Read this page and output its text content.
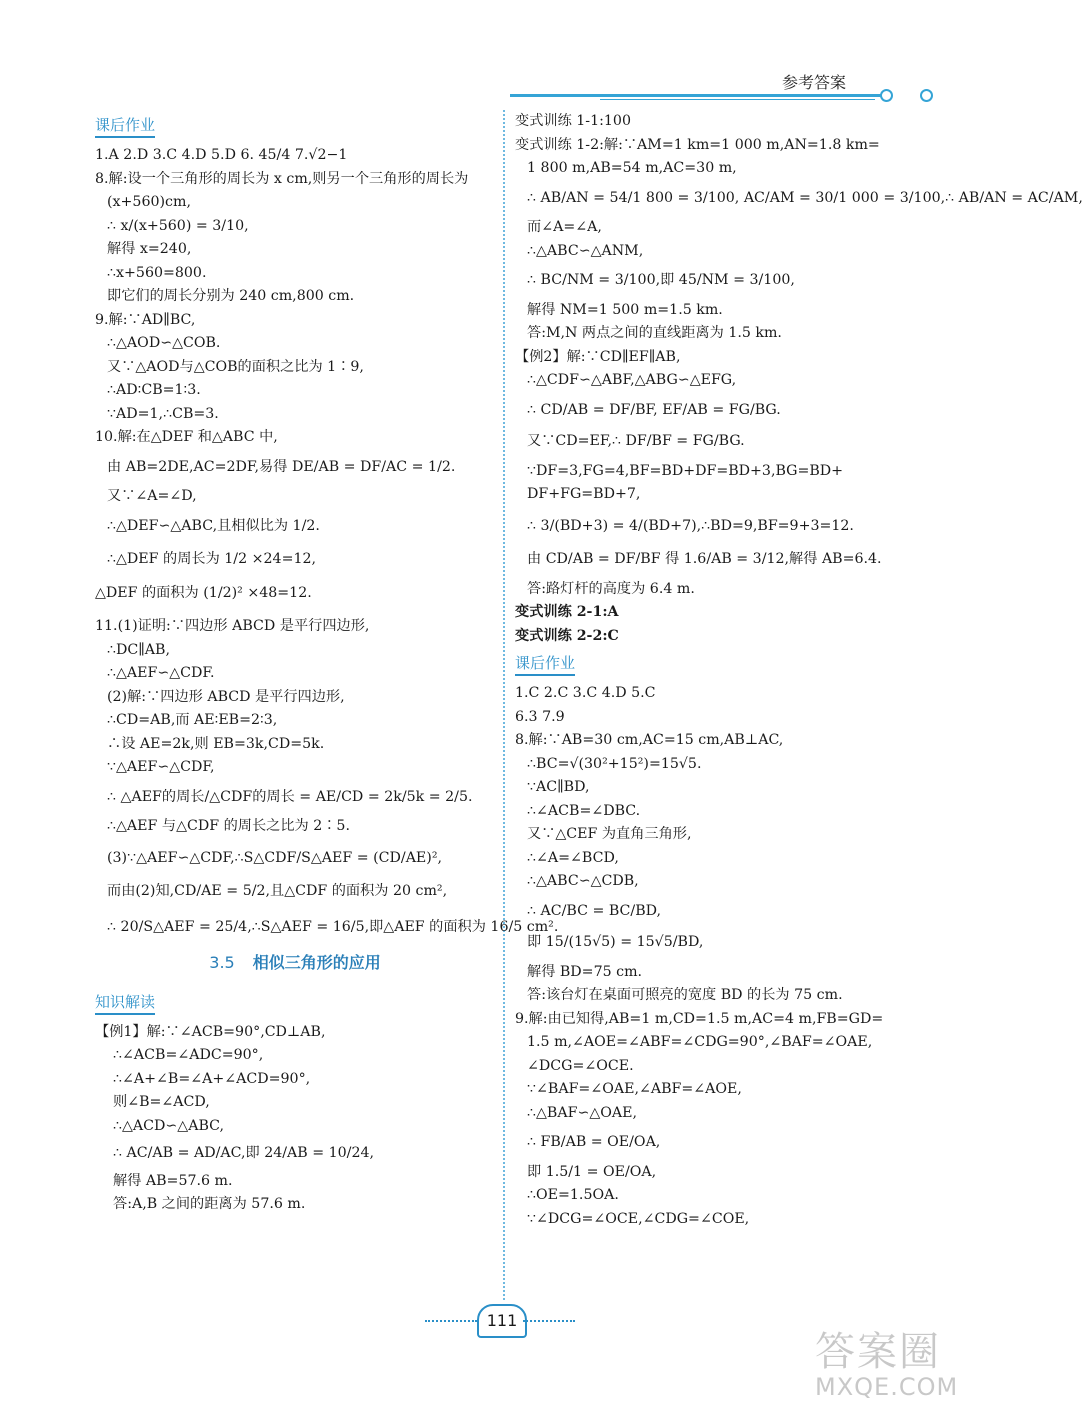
参考答案
课后作业
1.A 2.D 3.C 4.D 5.D 6. 45/4 7.√2−1
8.解:设一个三角形的周长为 x cm,则另一个三角形的周长为
(x+560)cm,
∴ x/(x+560) = 3/10,
解得 x=240,
∴x+560=800.
即它们的周长分别为 240 cm,800 cm.
9.解:∵AD∥BC,
∴△AOD∽△COB.
又∵△AOD与△COB的面积之比为 1∶9,
∴AD∶CB=1∶3.
∵AD=1,∴CB=3.
10.解:在△DEF 和△ABC 中,
由 AB=2DE,AC=2DF,易得 DE/AB = DF/AC = 1/2.
又∵∠A=∠D,
∴△DEF∽△ABC,且相似比为 1/2.
∴△DEF 的周长为 1/2 ×24=12,
△DEF 的面积为 (1/2)² ×48=12.
11.(1)证明:∵四边形 ABCD 是平行四边形,
∴DC∥AB,
∴△AEF∽△CDF.
(2)解:∵四边形 ABCD 是平行四边形,
∴CD=AB,而 AE∶EB=2∶3,
∴设 AE=2k,则 EB=3k,CD=5k.
∵△AEF∽△CDF,
∴ △AEF的周长/△CDF的周长 = AE/CD = 2k/5k = 2/5.
∴△AEF 与△CDF 的周长之比为 2∶5.
(3)∵△AEF∽△CDF,∴S△CDF/S△AEF = (CD/AE)²,
而由(2)知,CD/AE = 5/2,且△CDF 的面积为 20 cm²,
∴ 20/S△AEF = 25/4,∴S△AEF = 16/5,即△AEF 的面积为 16/5 cm².
3.5 相似三角形的应用
知识解读
【例1】解:∵∠ACB=90°,CD⊥AB,
∴∠ACB=∠ADC=90°,
∴∠A+∠B=∠A+∠ACD=90°,
则∠B=∠ACD,
∴△ACD∽△ABC,
∴ AC/AB = AD/AC,即 24/AB = 10/24,
解得 AB=57.6 m.
答:A,B 之间的距离为 57.6 m.
变式训练 1-1:100
变式训练 1-2:解:∵AM=1 km=1 000 m,AN=1.8 km=
1 800 m,AB=54 m,AC=30 m,
∴ AB/AN = 54/1 800 = 3/100, AC/AM = 30/1 000 = 3/100,∴ AB/AN = AC/AM,
而∠A=∠A,
∴△ABC∽△ANM,
∴ BC/NM = 3/100,即 45/NM = 3/100,
解得 NM=1 500 m=1.5 km.
答:M,N 两点之间的直线距离为 1.5 km.
【例2】解:∵CD∥EF∥AB,
∴△CDF∽△ABF,△ABG∽△EFG,
∴ CD/AB = DF/BF, EF/AB = FG/BG.
又∵CD=EF,∴ DF/BF = FG/BG.
∵DF=3,FG=4,BF=BD+DF=BD+3,BG=BD+
DF+FG=BD+7,
∴ 3/(BD+3) = 4/(BD+7),∴BD=9,BF=9+3=12.
由 CD/AB = DF/BF 得 1.6/AB = 3/12,解得 AB=6.4.
答:路灯杆的高度为 6.4 m.
变式训练 2-1:A
变式训练 2-2:C
课后作业
1.C 2.C 3.C 4.D 5.C
6.3 7.9
8.解:∵AB=30 cm,AC=15 cm,AB⊥AC,
∴BC=√(30²+15²)=15√5.
∵AC∥BD,
∴∠ACB=∠DBC.
又∵△CEF 为直角三角形,
∴∠A=∠BCD,
∴△ABC∽△CDB,
∴ AC/BC = BC/BD,
即 15/(15√5) = 15√5/BD,
解得 BD=75 cm.
答:该台灯在桌面可照亮的宽度 BD 的长为 75 cm.
9.解:由已知得,AB=1 m,CD=1.5 m,AC=4 m,FB=GD=
1.5 m,∠AOE=∠ABF=∠CDG=90°,∠BAF=∠OAE,
∠DCG=∠OCE.
∵∠BAF=∠OAE,∠ABF=∠AOE,
∴△BAF∽△OAE,
∴ FB/AB = OE/OA,
即 1.5/1 = OE/OA,
∴OE=1.5OA.
∵∠DCG=∠OCE,∠CDG=∠COE,
111
答案圈
MXQE.COM
